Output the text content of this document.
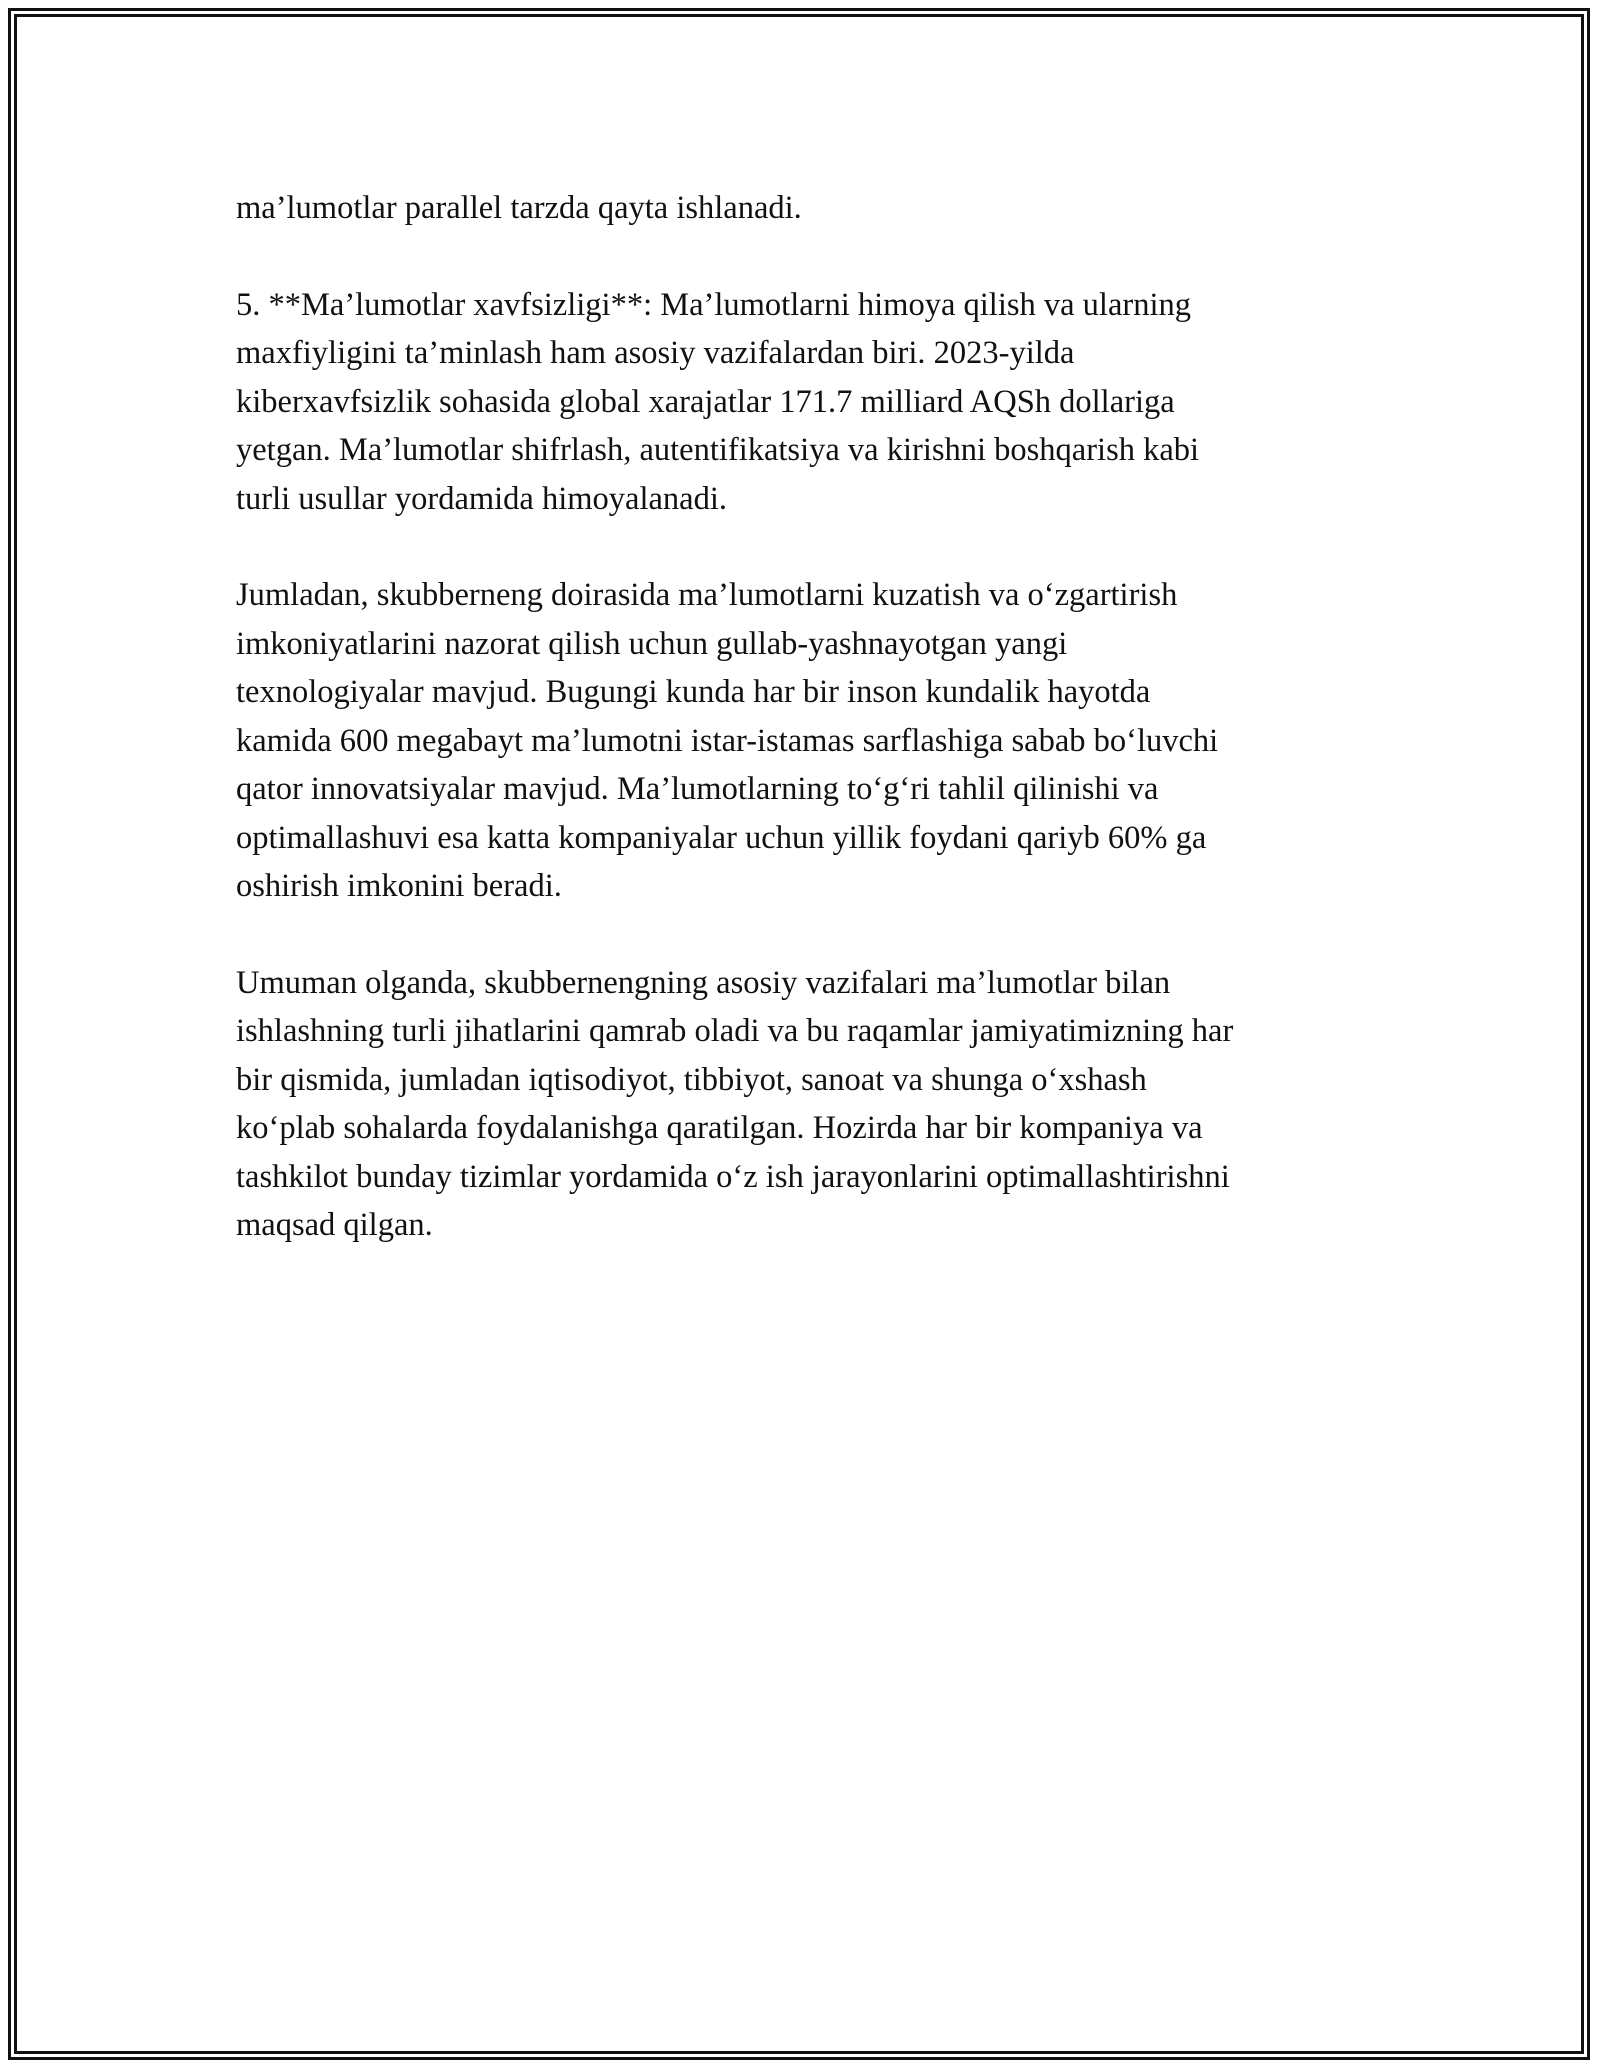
ma’lumotlar parallel tarzda qayta ishlanadi.

5. **Ma’lumotlar xavfsizligi**: Ma’lumotlarni himoya qilish va ularning
maxfiyligini ta’minlash ham asosiy vazifalardan biri. 2023-yilda
kiberxavfsizlik sohasida global xarajatlar 171.7 milliard AQSh dollariga
yetgan. Ma’lumotlar shifrlash, autentifikatsiya va kirishni boshqarish kabi
turli usullar yordamida himoyalanadi.

Jumladan, skubberneng doirasida ma’lumotlarni kuzatish va o‘zgartirish
imkoniyatlarini nazorat qilish uchun gullab-yashnayotgan yangi
texnologiyalar mavjud. Bugungi kunda har bir inson kundalik hayotda
kamida 600 megabayt ma’lumotni istar-istamas sarflashiga sabab bo‘luvchi
qator innovatsiyalar mavjud. Ma’lumotlarning to‘g‘ri tahlil qilinishi va
optimallashuvi esa katta kompaniyalar uchun yillik foydani qariyb 60% ga
oshirish imkonini beradi.

Umuman olganda, skubbernengning asosiy vazifalari ma’lumotlar bilan
ishlashning turli jihatlarini qamrab oladi va bu raqamlar jamiyatimizning har
bir qismida, jumladan iqtisodiyot, tibbiyot, sanoat va shunga o‘xshash
ko‘plab sohalarda foydalanishga qaratilgan. Hozirda har bir kompaniya va
tashkilot bunday tizimlar yordamida o‘z ish jarayonlarini optimallashtirishni
maqsad qilgan.
